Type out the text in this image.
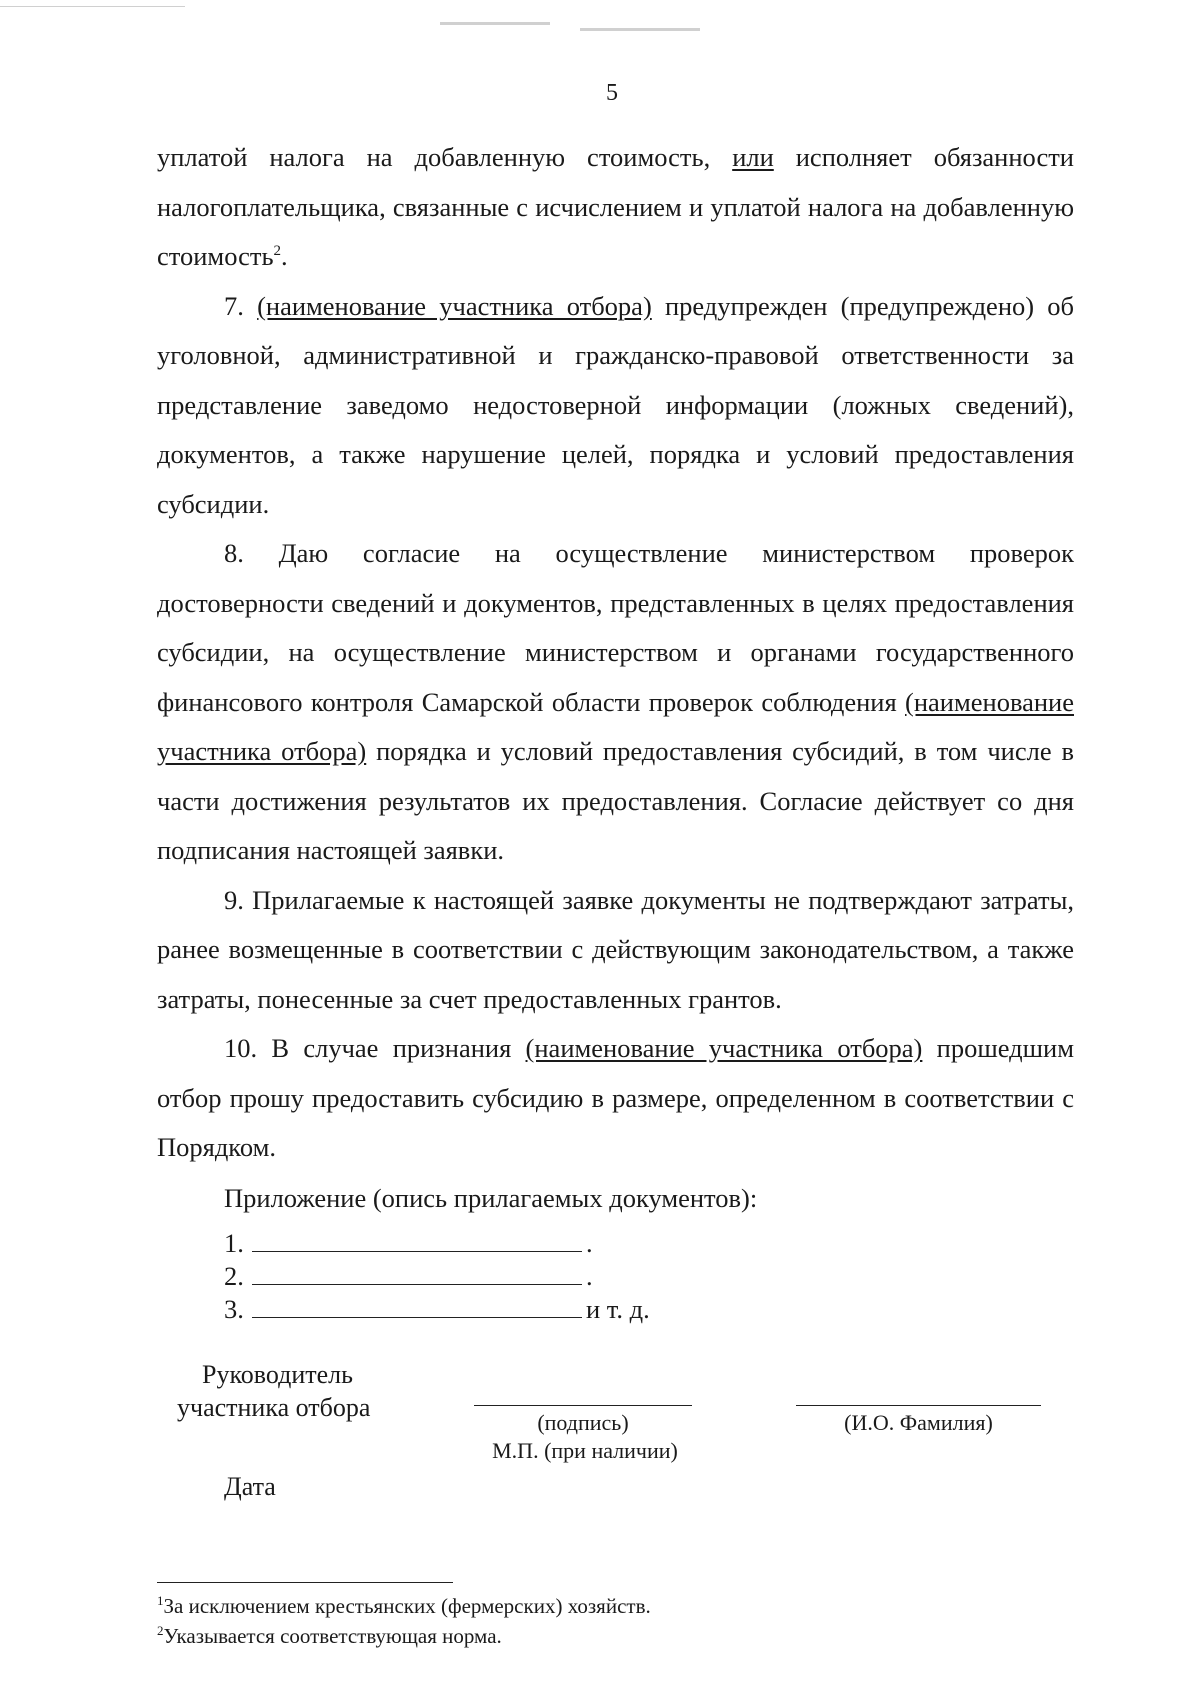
5

уплатой налога на добавленную стоимость, или исполняет обязанности налогоплательщика, связанные с исчислением и уплатой налога на добавленную стоимость$^2$.

7. (наименование участника отбора) предупрежден (предупреждено) об уголовной, административной и гражданско-правовой ответственности за представление заведомо недостоверной информации (ложных сведений), документов, а также нарушение целей, порядка и условий предоставления субсидии.

8. Даю согласие на осуществление министерством проверок достоверности сведений и документов, представленных в целях предоставления субсидии, на осуществление министерством и органами государственного финансового контроля Самарской области проверок соблюдения (наименование участника отбора) порядка и условий предоставления субсидий, в том числе в части достижения результатов их предоставления. Согласие действует со дня подписания настоящей заявки.

9. Прилагаемые к настоящей заявке документы не подтверждают затраты, ранее возмещенные в соответствии с действующим законодательством, а также затраты, понесенные за счет предоставленных грантов.

10. В случае признания (наименование участника отбора) прошедшим отбор прошу предоставить субсидию в размере, определенном в соответствии с Порядком.

Приложение (опись прилагаемых документов):
1.	.
2.	.
3.	и т. д.
Руководитель
участника отбора
(подпись)
М.П. (при наличии)
(И.О. Фамилия)
Дата
$^1$За исключением крестьянских (фермерских) хозяйств.
$^2$Указывается соответствующая норма.
